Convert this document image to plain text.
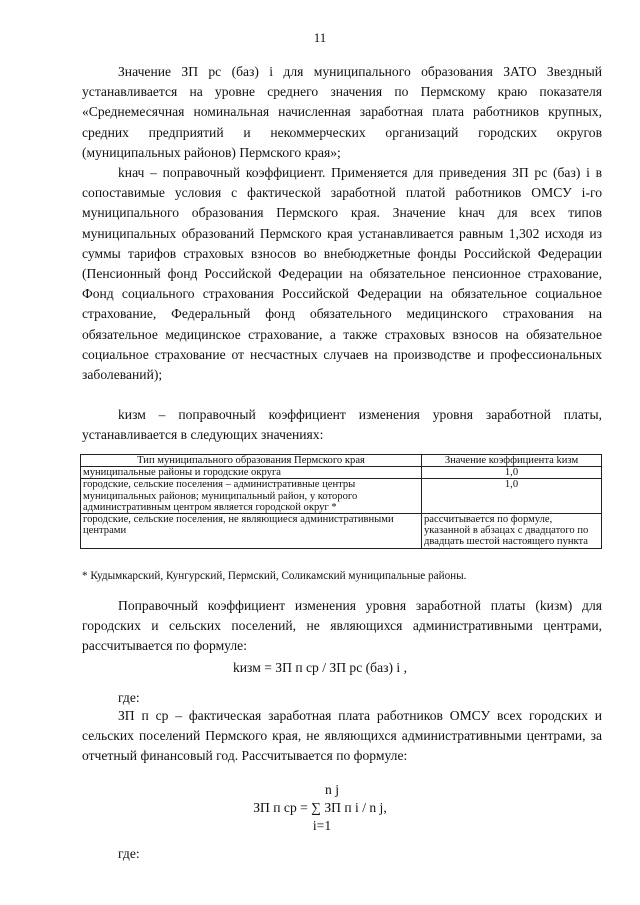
11

Значение ЗП рс (баз) i для муниципального образования ЗАТО Звездный устанавливается на уровне среднего значения по Пермскому краю показателя «Среднемесячная номинальная начисленная заработная плата работников крупных, средних предприятий и некоммерческих организаций городских округов (муниципальных районов) Пермского края»;

kнач – поправочный коэффициент. Применяется для приведения ЗП рс (баз) i в сопоставимые условия с фактической заработной платой работников ОМСУ i-го муниципального образования Пермского края. Значение kнач для всех типов муниципальных образований Пермского края устанавливается равным 1,302 исходя из суммы тарифов страховых взносов во внебюджетные фонды Российской Федерации (Пенсионный фонд Российской Федерации на обязательное пенсионное страхование, Фонд социального страхования Российской Федерации на обязательное социальное страхование, Федеральный фонд обязательного медицинского страхования на обязательное медицинское страхование, а также страховых взносов на обязательное социальное страхование от несчастных случаев на производстве и профессиональных заболеваний);

kизм – поправочный коэффициент изменения уровня заработной платы, устанавливается в следующих значениях:

Тип муниципального образования Пермского края	Значение коэффициента kизм
муниципальные районы и городские округа	1,0
городские, сельские поселения – административные центры муниципальных районов; муниципальный район, у которого административным центром является городской округ *	1,0
городские, сельские поселения, не являющиеся административными центрами	рассчитывается по формуле, указанной в абзацах с двадцатого по двадцать шестой настоящего пункта
* Кудымкарский, Кунгурский, Пермский, Соликамский муниципальные районы.

Поправочный коэффициент изменения уровня заработной платы (kизм) для городских и сельских поселений, не являющихся административными центрами, рассчитывается по формуле:

kизм = ЗП п ср / ЗП рс (баз) i ,
где:

ЗП п ср – фактическая заработная плата работников ОМСУ всех городских и сельских поселений Пермского края, не являющихся административными центрами, за отчетный финансовый год. Рассчитывается по формуле:

n j
ЗП п ср = ∑ ЗП п i / n j,
i=1
где:
